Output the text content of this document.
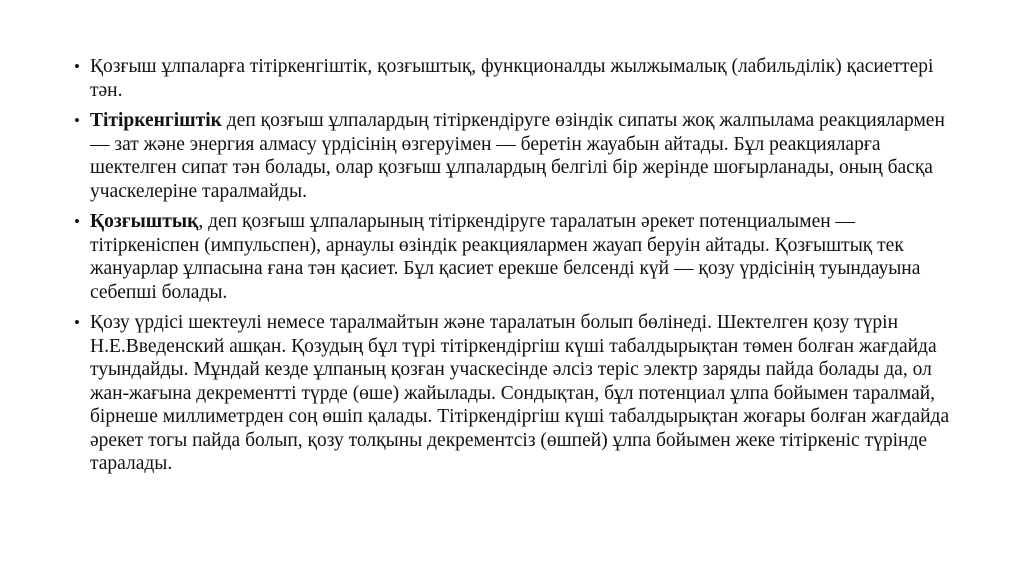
• Қозғыш ұлпаларға тітіркенгіштік, қозғыштық, функционалды жылжымалық (лабильділік) қасиеттері тән.
• Тітіркенгіштік деп қозғыш ұлпалардың тітіркендіруге өзіндік сипаты жоқ жалпылама реакциялармен — зат және энергия алмасу үрдісінің өзгеруімен — беретін жауабын айтады. Бұл реакцияларға шектелген сипат тән болады, олар қозғыш ұлпалардың белгілі бір жерінде шоғырланады, оның басқа учаскелеріне таралмайды.
• Қозғыштық, деп қозғыш ұлпаларының тітіркендіруге таралатын әрекет потенциалымен — тітіркеніспен (импульспен), арнаулы өзіндік реакциялармен жауап беруін айтады. Қозғыштық тек жануарлар ұлпасына ғана тән қасиет. Бұл қасиет ерекше белсенді күй — қозу үрдісінің туындауына себепші болады.
• Қозу үрдісі шектеулі немесе таралмайтын және таралатын болып бөлінеді. Шектелген қозу түрін Н.Е.Введенский ашқан. Қозудың бұл түрі тітіркендіргіш күші табалдырықтан төмен болған жағдайда туындайды. Мұндай кезде ұлпаның қозған учаскесінде әлсіз теріс электр заряды пайда болады да, ол жан-жағына декрементті түрде (өше) жайылады. Сондықтан, бұл потенциал ұлпа бойымен таралмай, бірнеше миллиметрден соң өшіп қалады. Тітіркендіргіш күші табалдырықтан жоғары болған жағдайда әрекет тогы пайда болып, қозу толқыны декрементсіз (өшпей) ұлпа бойымен жеке тітіркеніс түрінде таралады.
